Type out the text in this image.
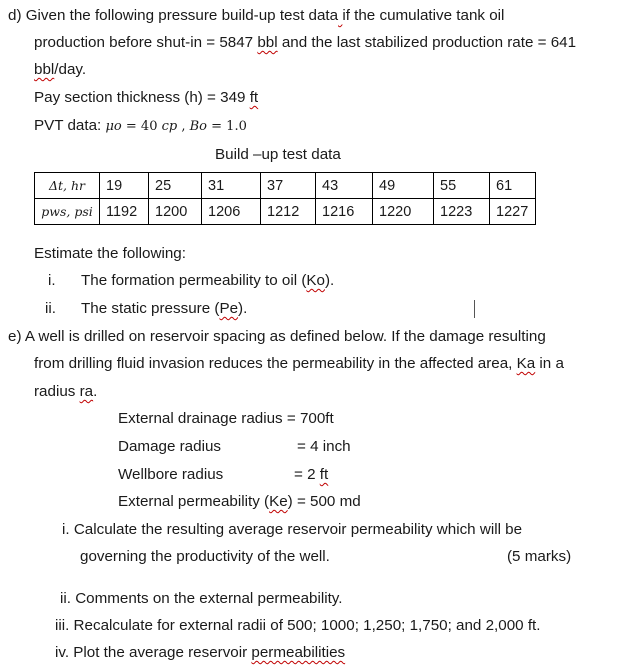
d) Given the following pressure build-up test data if the cumulative tank oil
production before shut-in = 5847 bbl and the last stabilized production rate = 641
bbl/day.
Pay section thickness (h) = 349 ft
PVT data: μo = 40 cp , Bo = 1.0
Build –up test data
Δt, hr	19	25	31	37	43	49	55	61
pws, psi	1192	1200	1206	1212	1216	1220	1223	1227
Estimate the following:
i. The formation permeability to oil (Ko).
ii. The static pressure (Pe).
e) A well is drilled on reservoir spacing as defined below. If the damage resulting
from drilling fluid invasion reduces the permeability in the affected area, Ka in a
radius ra.
External drainage radius = 700ft
Damage radius	= 4 inch
Wellbore radius	= 2 ft
External permeability (Ke) = 500 md
i. Calculate the resulting average reservoir permeability which will be
governing the productivity of the well.	(5 marks)
ii. Comments on the external permeability.
iii. Recalculate for external radii of 500; 1000; 1,250; 1,750; and 2,000 ft.
iv. Plot the average reservoir permeabilities
